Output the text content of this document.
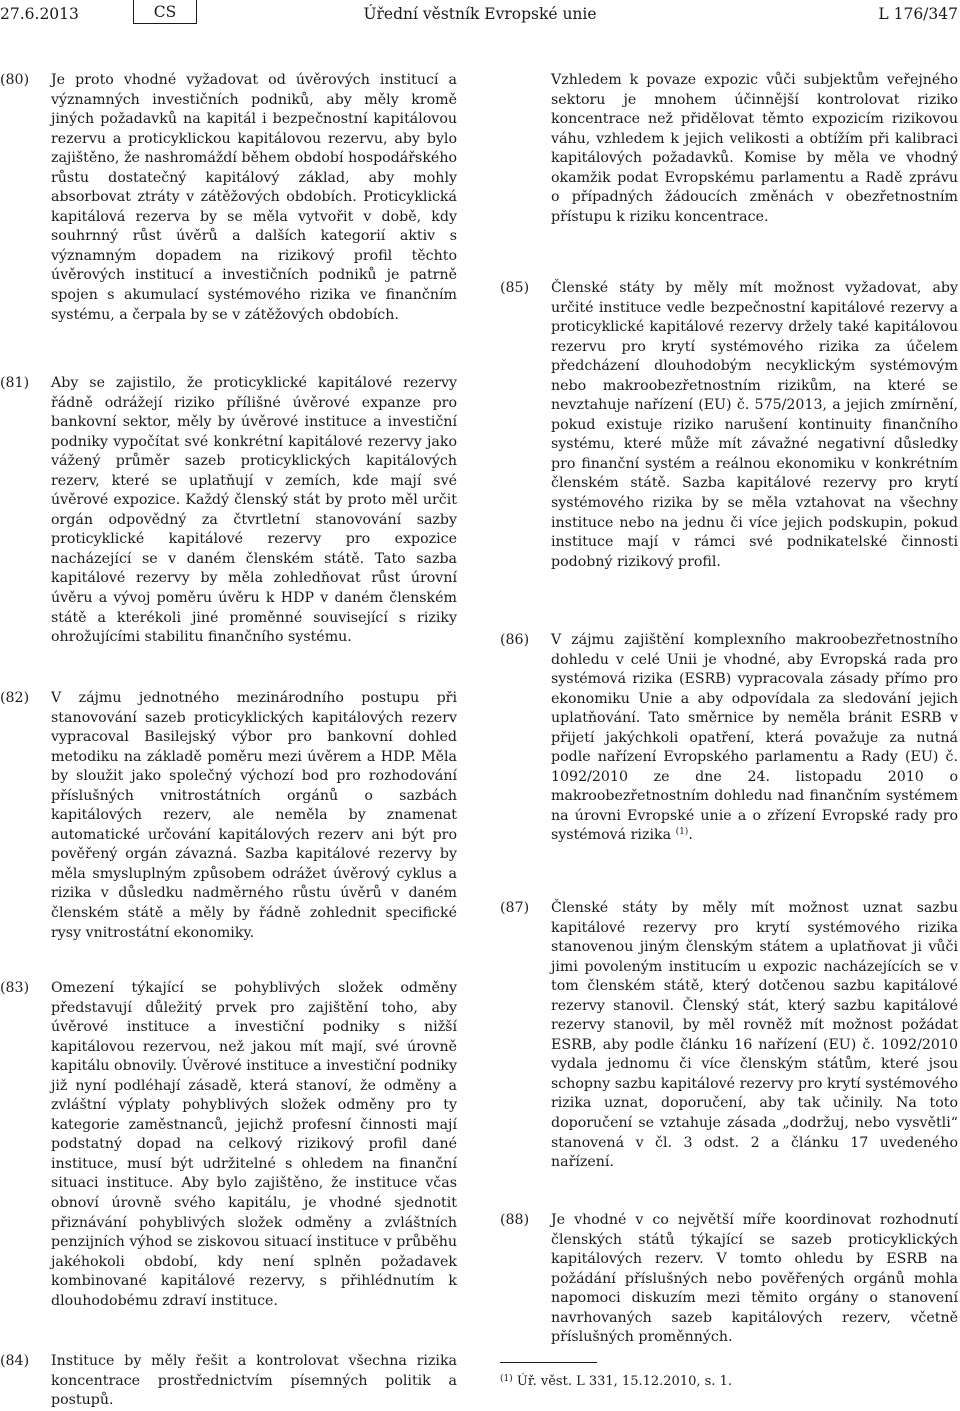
27.6.2013	CS	Úřední věstník Evropské unie	L 176/347
(80)	Je proto vhodné vyžadovat od úvěrových institucí a významných investičních podniků, aby měly kromě jiných požadavků na kapitál i bezpečnostní kapitálovou rezervu a proticyklickou kapitálovou rezervu, aby bylo zajištěno, že nashromáždí během období hospodářského růstu dostatečný kapitálový základ, aby mohly absorbovat ztráty v zátěžových obdobích. Proticyklická kapitálová rezerva by se měla vytvořit v době, kdy souhrnný růst úvěrů a dalších kategorií aktiv s významným dopadem na rizikový profil těchto úvěrových institucí a investičních podniků je patrně spojen s akumulací systémového rizika ve finančním systému, a čerpala by se v zátěžových obdobích.
(81)	Aby se zajistilo, že proticyklické kapitálové rezervy řádně odrážejí riziko přílišné úvěrové expanze pro bankovní sektor, měly by úvěrové instituce a investiční podniky vypočítat své konkrétní kapitálové rezervy jako vážený průměr sazeb proticyklických kapitálových rezerv, které se uplatňují v zemích, kde mají své úvěrové expozice. Každý členský stát by proto měl určit orgán odpovědný za čtvrtletní stanovování sazby proticyklické kapitálové rezervy pro expozice nacházející se v daném členském státě. Tato sazba kapitálové rezervy by měla zohledňovat růst úrovní úvěru a vývoj poměru úvěru k HDP v daném členském státě a kterékoli jiné proměnné související s riziky ohrožujícími stabilitu finančního systému.
(82)	V zájmu jednotného mezinárodního postupu při stanovování sazeb proticyklických kapitálových rezerv vypracoval Basilejský výbor pro bankovní dohled metodiku na základě poměru mezi úvěrem a HDP. Měla by sloužit jako společný výchozí bod pro rozhodování příslušných vnitrostátních orgánů o sazbách kapitálových rezerv, ale neměla by znamenat automatické určování kapitálových rezerv ani být pro pověřený orgán závazná. Sazba kapitálové rezervy by měla smysluplným způsobem odrážet úvěrový cyklus a rizika v důsledku nadměrného růstu úvěrů v daném členském státě a měly by řádně zohlednit specifické rysy vnitrostátní ekonomiky.
(83)	Omezení týkající se pohyblivých složek odměny představují důležitý prvek pro zajištění toho, aby úvěrové instituce a investiční podniky s nižší kapitálovou rezervou, než jakou mít mají, své úrovně kapitálu obnovily. Úvěrové instituce a investiční podniky již nyní podléhají zásadě, která stanoví, že odměny a zvláštní výplaty pohyblivých složek odměny pro ty kategorie zaměstnanců, jejichž profesní činnosti mají podstatný dopad na celkový rizikový profil dané instituce, musí být udržitelné s ohledem na finanční situaci instituce. Aby bylo zajištěno, že instituce včas obnoví úrovně svého kapitálu, je vhodné sjednotit přiznávání pohyblivých složek odměny a zvláštních penzijních výhod se ziskovou situací instituce v průběhu jakéhokoli období, kdy není splněn požadavek kombinované kapitálové rezervy, s přihlédnutím k dlouhodobému zdraví instituce.
(84)	Instituce by měly řešit a kontrolovat všechna rizika koncentrace prostřednictvím písemných politik a postupů.
Vzhledem k povaze expozic vůči subjektům veřejného sektoru je mnohem účinnější kontrolovat riziko koncentrace než přidělovat těmto expozicím rizikovou váhu, vzhledem k jejich velikosti a obtížím při kalibraci kapitálových požadavků. Komise by měla ve vhodný okamžik podat Evropskému parlamentu a Radě zprávu o případných žádoucích změnách v obezřetnostním přístupu k riziku koncentrace.
(85)	Členské státy by měly mít možnost vyžadovat, aby určité instituce vedle bezpečnostní kapitálové rezervy a proticyklické kapitálové rezervy držely také kapitálovou rezervu pro krytí systémového rizika za účelem předcházení dlouhodobým necyklickým systémovým nebo makroobezřetnostním rizikům, na které se nevztahuje nařízení (EU) č. 575/2013, a jejich zmírnění, pokud existuje riziko narušení kontinuity finančního systému, které může mít závažné negativní důsledky pro finanční systém a reálnou ekonomiku v konkrétním členském státě. Sazba kapitálové rezervy pro krytí systémového rizika by se měla vztahovat na všechny instituce nebo na jednu či více jejich podskupin, pokud instituce mají v rámci své podnikatelské činnosti podobný rizikový profil.
(86)	V zájmu zajištění komplexního makroobezřetnostního dohledu v celé Unii je vhodné, aby Evropská rada pro systémová rizika (ESRB) vypracovala zásady přímo pro ekonomiku Unie a aby odpovídala za sledování jejich uplatňování. Tato směrnice by neměla bránit ESRB v přijetí jakýchkoli opatření, která považuje za nutná podle nařízení Evropského parlamentu a Rady (EU) č. 1092/2010 ze dne 24. listopadu 2010 o makroobezřetnostním dohledu nad finančním systémem na úrovni Evropské unie a o zřízení Evropské rady pro systémová rizika $^{(1)}$.
(87)	Členské státy by měly mít možnost uznat sazbu kapitálové rezervy pro krytí systémového rizika stanovenou jiným členským státem a uplatňovat ji vůči jimi povoleným institucím u expozic nacházejících se v tom členském státě, který dotčenou sazbu kapitálové rezervy stanovil. Členský stát, který sazbu kapitálové rezervy stanovil, by měl rovněž mít možnost požádat ESRB, aby podle článku 16 nařízení (EU) č. 1092/2010 vydala jednomu či více členským státům, které jsou schopny sazbu kapitálové rezervy pro krytí systémového rizika uznat, doporučení, aby tak učinily. Na toto doporučení se vztahuje zásada „dodržuj, nebo vysvětli“ stanovená v čl. 3 odst. 2 a článku 17 uvedeného nařízení.
(88)	Je vhodné v co největší míře koordinovat rozhodnutí členských států týkající se sazeb proticyklických kapitálových rezerv. V tomto ohledu by ESRB na požádání příslušných nebo pověřených orgánů mohla napomoci diskuzím mezi těmito orgány o stanovení navrhovaných sazeb kapitálových rezerv, včetně příslušných proměnných.
$^{(1)}$ Úř. věst. L 331, 15.12.2010, s. 1.
